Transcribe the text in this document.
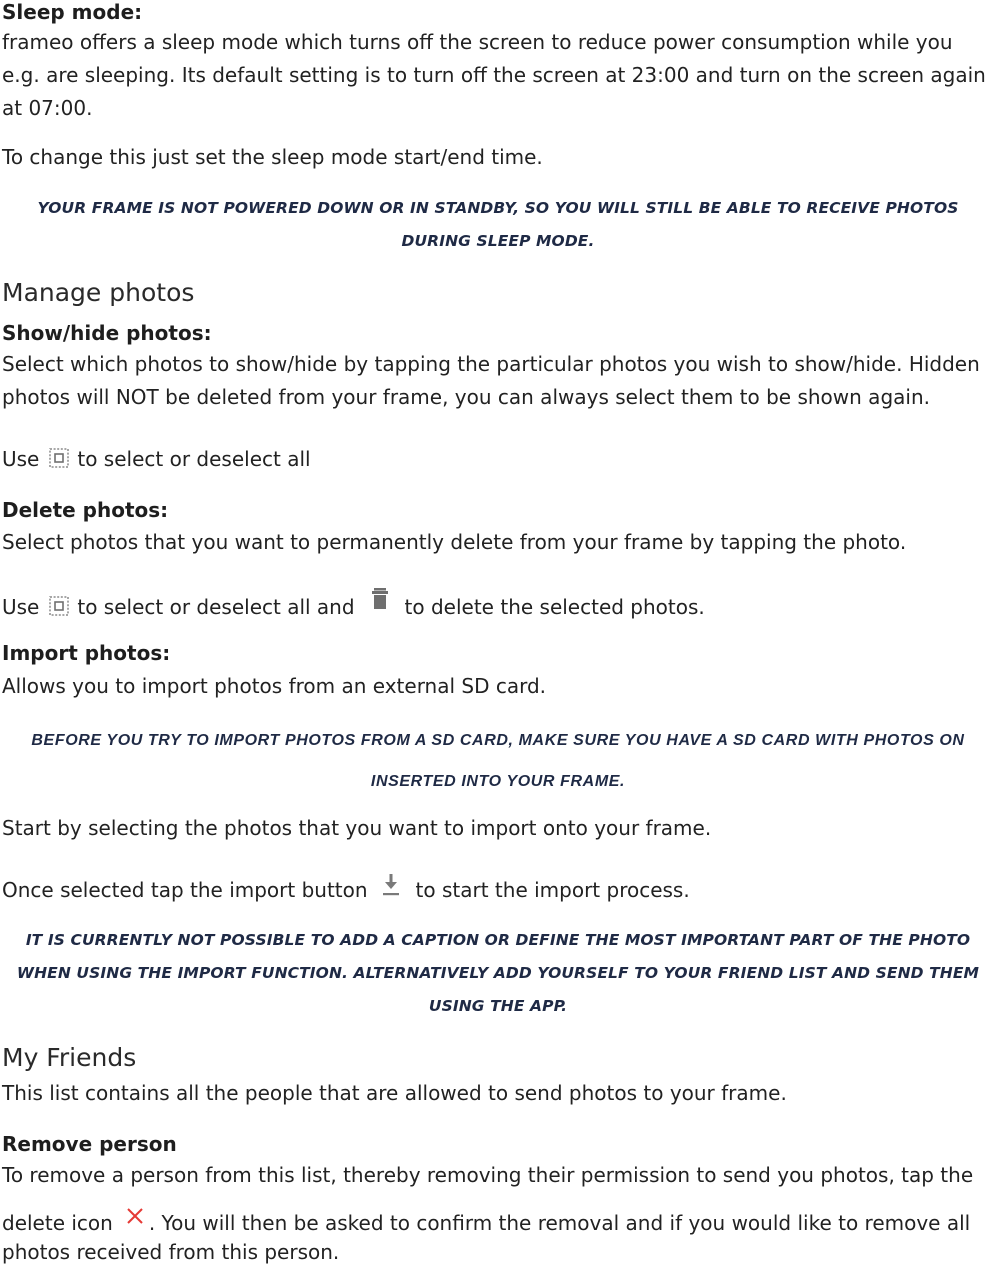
Sleep mode:
frameo offers a sleep mode which turns off the screen to reduce power consumption while you e.g. are sleeping. Its default setting is to turn off the screen at 23:00 and turn on the screen again at 07:00.
To change this just set the sleep mode start/end time.
YOUR FRAME IS NOT POWERED DOWN OR IN STANDBY, SO YOU WILL STILL BE ABLE TO RECEIVE PHOTOS DURING SLEEP MODE.
Manage photos
Show/hide photos:
Select which photos to show/hide by tapping the particular photos you wish to show/hide. Hidden photos will NOT be deleted from your frame, you can always select them to be shown again.
Use to select or deselect all
Delete photos:
Select photos that you want to permanently delete from your frame by tapping the photo.
Use to select or deselect all and	to delete the selected photos.
Import photos:
Allows you to import photos from an external SD card.
BEFORE YOU TRY TO IMPORT PHOTOS FROM A SD CARD, MAKE SURE YOU HAVE A SD CARD WITH PHOTOS ON INSERTED INTO YOUR FRAME.
Start by selecting the photos that you want to import onto your frame.
Once selected tap the import button to start the import process.
IT IS CURRENTLY NOT POSSIBLE TO ADD A CAPTION OR DEFINE THE MOST IMPORTANT PART OF THE PHOTO WHEN USING THE IMPORT FUNCTION. ALTERNATIVELY ADD YOURSELF TO YOUR FRIEND LIST AND SEND THEM USING THE APP.
My Friends
This list contains all the people that are allowed to send photos to your frame.
Remove person
To remove a person from this list, thereby removing their permission to send you photos, tap the
delete icon . You will then be asked to confirm the removal and if you would like to remove all
photos received from this person.
